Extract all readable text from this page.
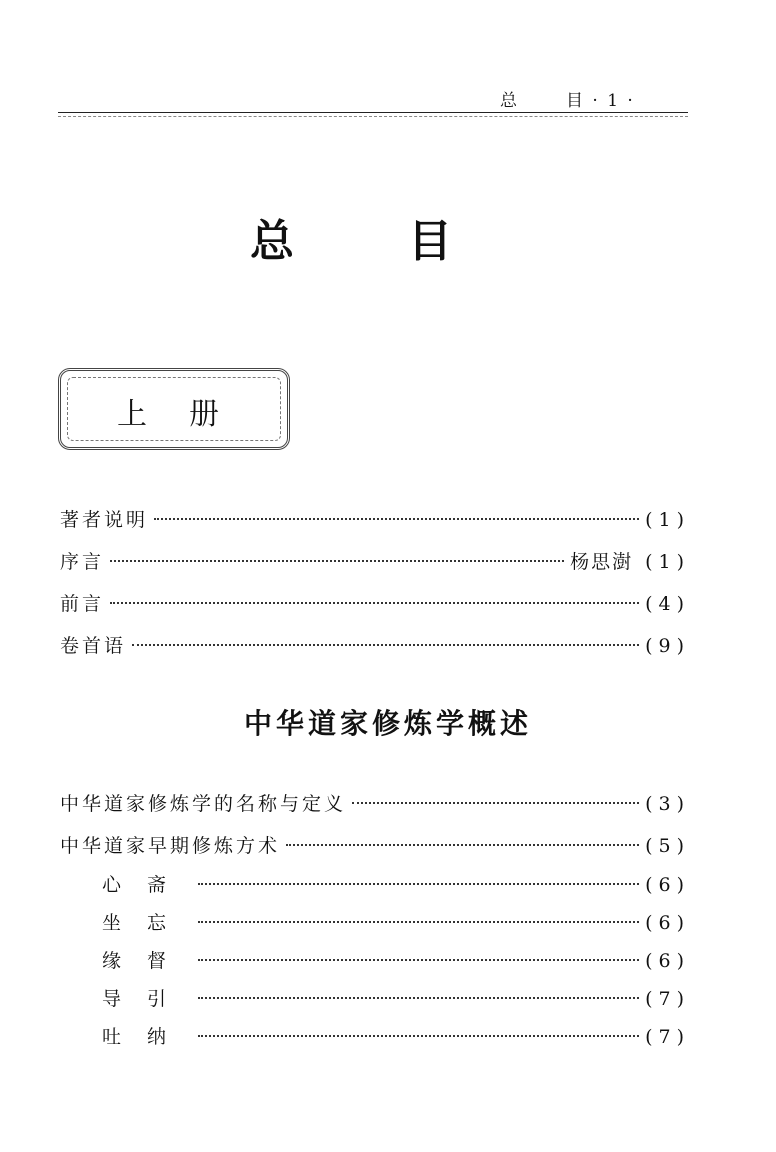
总	目 · 1 ·
总	目
上 册
著者说明	(1)
序言	杨思澍 (1)
前言	(4)
卷首语	(9)
中华道家修炼学概述
中华道家修炼学的名称与定义	(3)
中华道家早期修炼方术	(5)
心斋	(6)
坐忘	(6)
缘督	(6)
导引	(7)
吐纳	(7)
